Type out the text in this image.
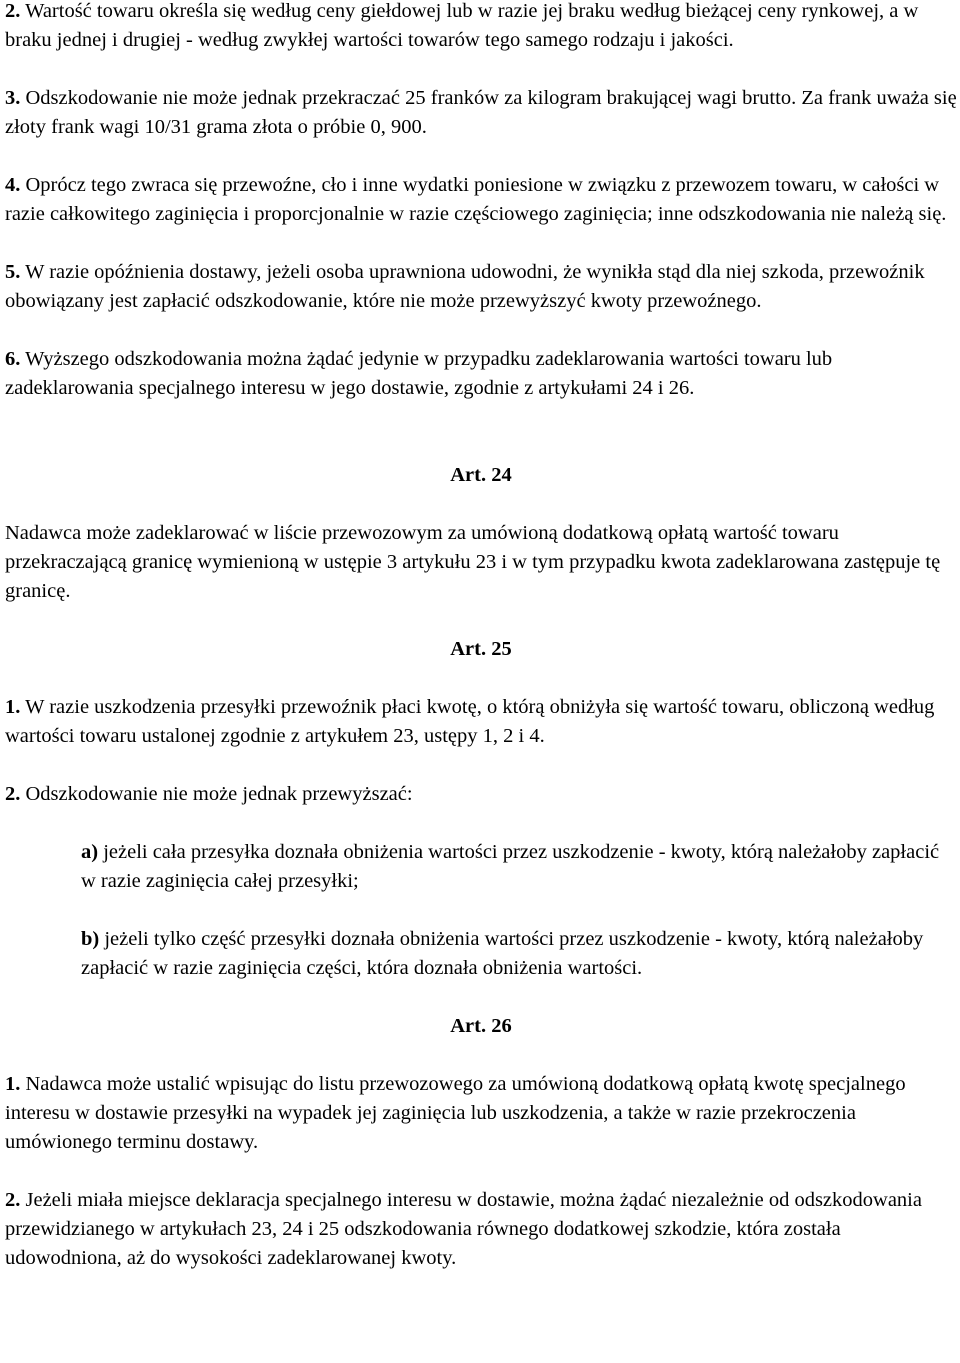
2. Wartość towaru określa się według ceny giełdowej lub w razie jej braku według bieżącej ceny rynkowej, a w braku jednej i drugiej - według zwykłej wartości towarów tego samego rodzaju i jakości.

3. Odszkodowanie nie może jednak przekraczać 25 franków za kilogram brakującej wagi brutto. Za frank uważa się złoty frank wagi 10/31 grama złota o próbie 0, 900.

4. Oprócz tego zwraca się przewoźne, cło i inne wydatki poniesione w związku z przewozem towaru, w całości w razie całkowitego zaginięcia i proporcjonalnie w razie częściowego zaginięcia; inne odszkodowania nie należą się.

5. W razie opóźnienia dostawy, jeżeli osoba uprawniona udowodni, że wynikła stąd dla niej szkoda, przewoźnik obowiązany jest zapłacić odszkodowanie, które nie może przewyższyć kwoty przewoźnego.

6. Wyższego odszkodowania można żądać jedynie w przypadku zadeklarowania wartości towaru lub zadeklarowania specjalnego interesu w jego dostawie, zgodnie z artykułami 24 i 26.

Art. 24

Nadawca może zadeklarować w liście przewozowym za umówioną dodatkową opłatą wartość towaru przekraczającą granicę wymienioną w ustępie 3 artykułu 23 i w tym przypadku kwota zadeklarowana zastępuje tę granicę.

Art. 25

1. W razie uszkodzenia przesyłki przewoźnik płaci kwotę, o którą obniżyła się wartość towaru, obliczoną według wartości towaru ustalonej zgodnie z artykułem 23, ustępy 1, 2 i 4.

2. Odszkodowanie nie może jednak przewyższać:

a) jeżeli cała przesyłka doznała obniżenia wartości przez uszkodzenie - kwoty, którą należałoby zapłacić w razie zaginięcia całej przesyłki;

b) jeżeli tylko część przesyłki doznała obniżenia wartości przez uszkodzenie - kwoty, którą należałoby zapłacić w razie zaginięcia części, która doznała obniżenia wartości.

Art. 26

1. Nadawca może ustalić wpisując do listu przewozowego za umówioną dodatkową opłatą kwotę specjalnego interesu w dostawie przesyłki na wypadek jej zaginięcia lub uszkodzenia, a także w razie przekroczenia umówionego terminu dostawy.

2. Jeżeli miała miejsce deklaracja specjalnego interesu w dostawie, można żądać niezależnie od odszkodowania przewidzianego w artykułach 23, 24 i 25 odszkodowania równego dodatkowej szkodzie, która została udowodniona, aż do wysokości zadeklarowanej kwoty.
